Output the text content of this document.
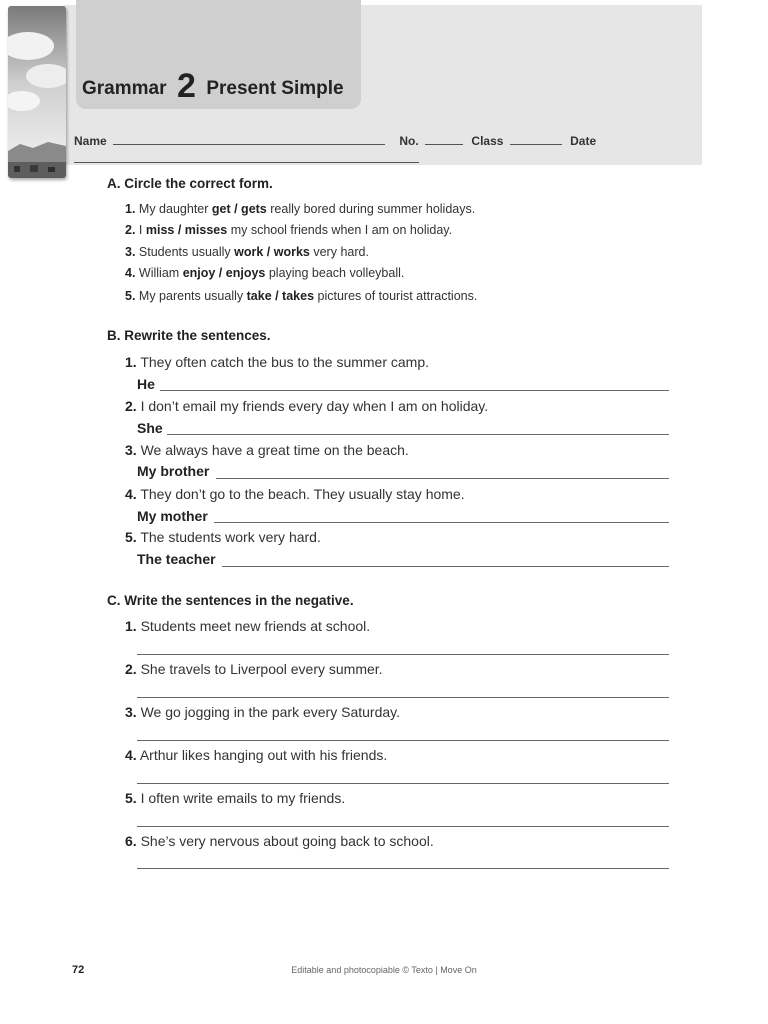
Grammar 2 Present Simple
Name	No.	Class	Date
A. Circle the correct form.
1. My daughter get / gets really bored during summer holidays.
2. I miss / misses my school friends when I am on holiday.
3. Students usually work / works very hard.
4. William enjoy / enjoys playing beach volleyball.
5. My parents usually take / takes pictures of tourist attractions.
B. Rewrite the sentences.
1. They often catch the bus to the summer camp.
He
2. I don’t email my friends every day when I am on holiday.
She
3. We always have a great time on the beach.
My brother
4. They don’t go to the beach. They usually stay home.
My mother
5. The students work very hard.
The teacher
C. Write the sentences in the negative.
1. Students meet new friends at school.
2. She travels to Liverpool every summer.
3. We go jogging in the park every Saturday.
4. Arthur likes hanging out with his friends.
5. I often write emails to my friends.
6. She’s very nervous about going back to school.
72	Editable and photocopiable © Texto | Move On
